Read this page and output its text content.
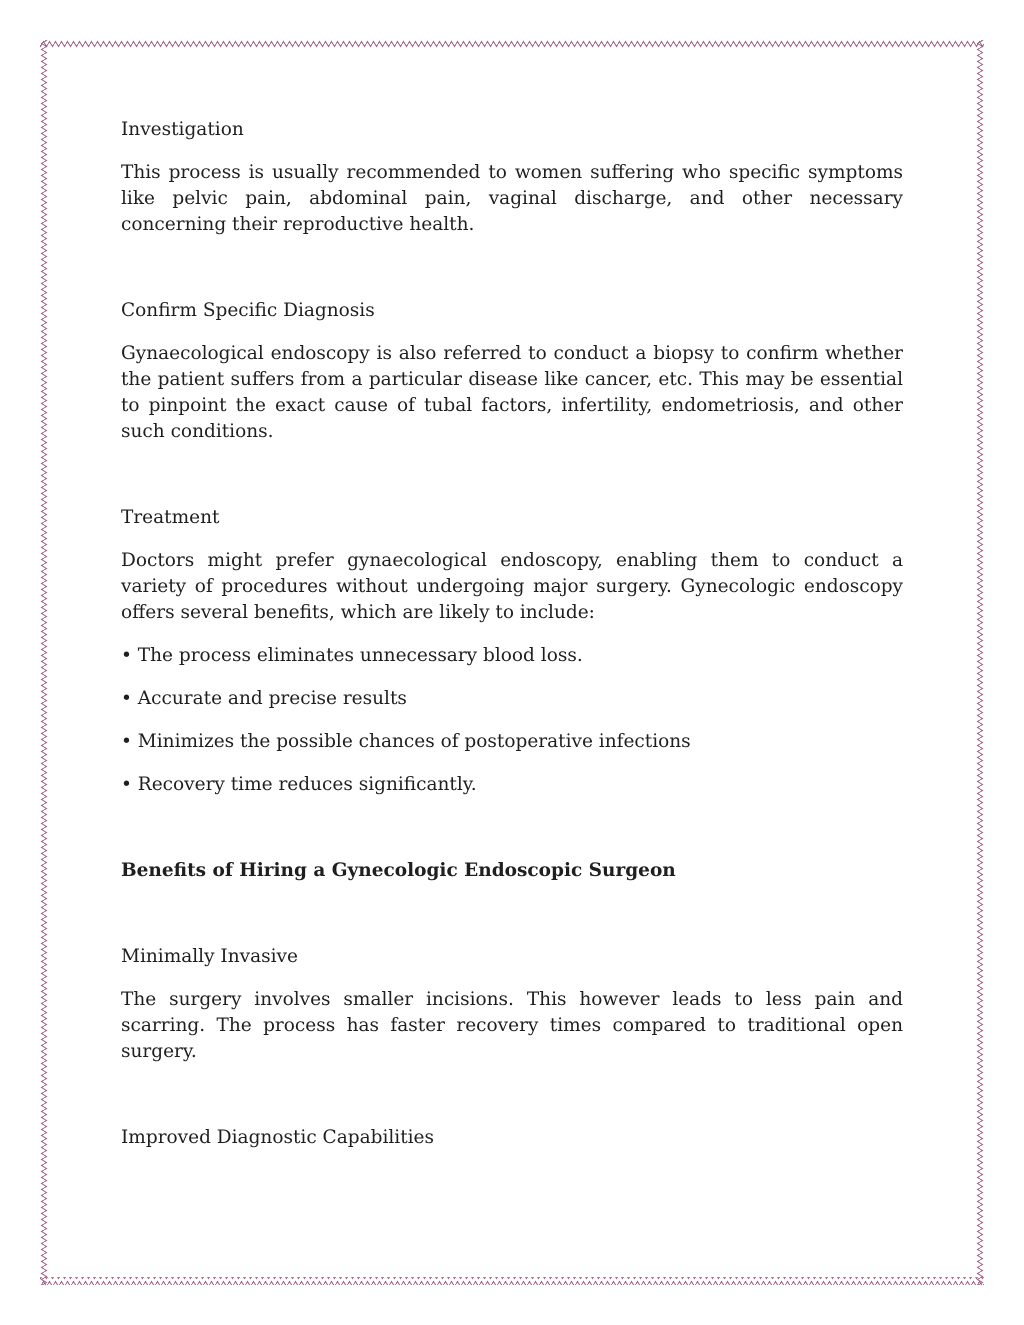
Investigation

This process is usually recommended to women suffering who specific symptoms like pelvic pain, abdominal pain, vaginal discharge, and other necessary concerning their reproductive health.

Confirm Specific Diagnosis

Gynaecological endoscopy is also referred to conduct a biopsy to confirm whether the patient suffers from a particular disease like cancer, etc. This may be essential to pinpoint the exact cause of tubal factors, infertility, endometriosis, and other such conditions.

Treatment

Doctors might prefer gynaecological endoscopy, enabling them to conduct a variety of procedures without undergoing major surgery. Gynecologic endoscopy offers several benefits, which are likely to include:

• The process eliminates unnecessary blood loss.

• Accurate and precise results

• Minimizes the possible chances of postoperative infections

• Recovery time reduces significantly.

Benefits of Hiring a Gynecologic Endoscopic Surgeon

Minimally Invasive

The surgery involves smaller incisions. This however leads to less pain and scarring. The process has faster recovery times compared to traditional open surgery.

Improved Diagnostic Capabilities
